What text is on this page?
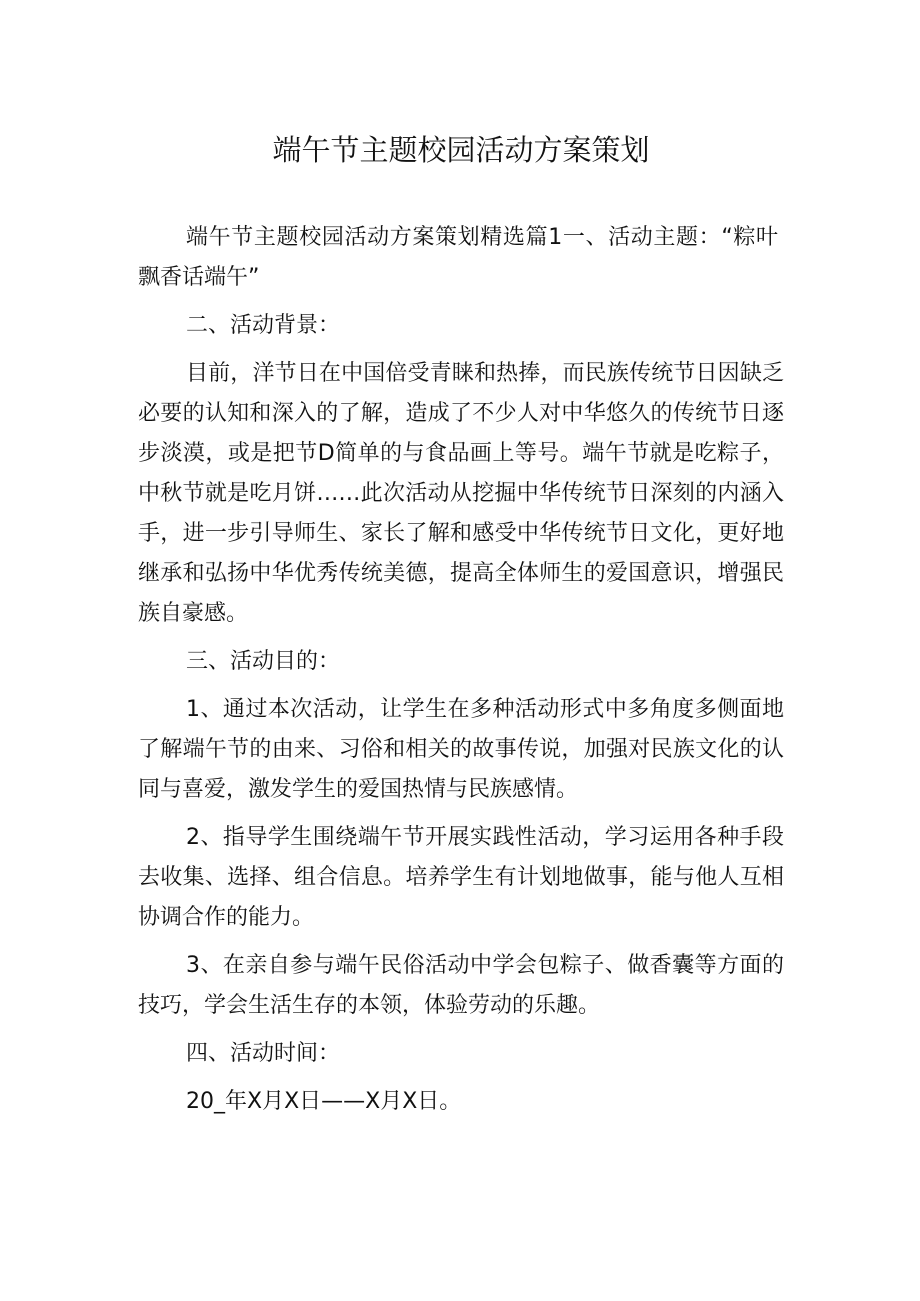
端午节主题校园活动方案策划

端午节主题校园活动方案策划精选篇1一、活动主题：“粽叶飘香话端午”

二、活动背景：

目前，洋节日在中国倍受青睐和热捧，而民族传统节日因缺乏必要的认知和深入的了解，造成了不少人对中华悠久的传统节日逐步淡漠，或是把节D简单的与食品画上等号。端午节就是吃粽子，中秋节就是吃月饼……此次活动从挖掘中华传统节日深刻的内涵入手，进一步引导师生、家长了解和感受中华传统节日文化，更好地继承和弘扬中华优秀传统美德，提高全体师生的爱国意识，增强民族自豪感。

三、活动目的：

1、通过本次活动，让学生在多种活动形式中多角度多侧面地了解端午节的由来、习俗和相关的故事传说，加强对民族文化的认同与喜爱，激发学生的爱国热情与民族感情。

2、指导学生围绕端午节开展实践性活动，学习运用各种手段去收集、选择、组合信息。培养学生有计划地做事，能与他人互相协调合作的能力。

3、在亲自参与端午民俗活动中学会包粽子、做香囊等方面的技巧，学会生活生存的本领，体验劳动的乐趣。

四、活动时间：

20_年X月X日——X月X日。
